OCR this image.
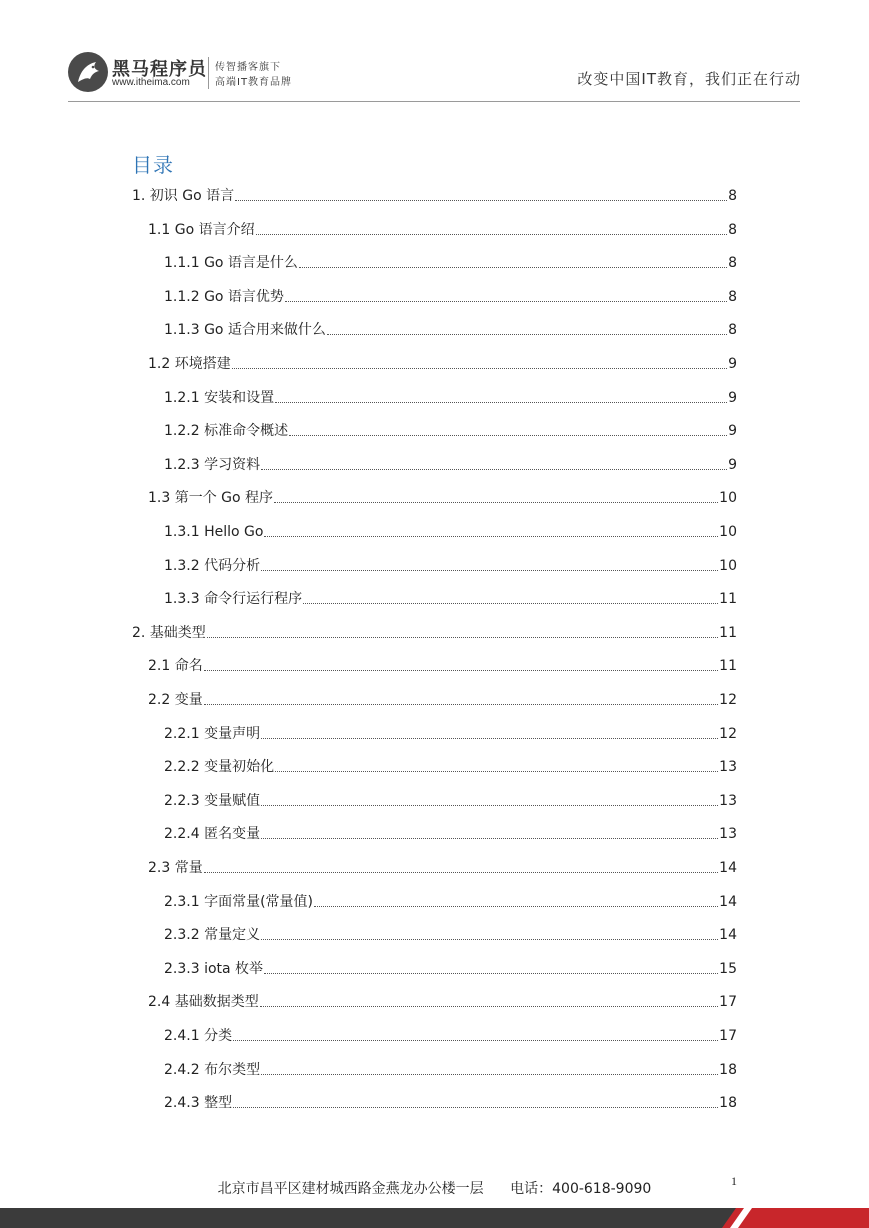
黑马程序员
www.itheima.com
传智播客旗下
高端IT教育品牌	改变中国IT教育，我们正在行动
目录
1. 初识 Go 语言	8
1.1 Go 语言介绍	8
1.1.1 Go 语言是什么	8
1.1.2 Go 语言优势	8
1.1.3 Go 适合用来做什么	8
1.2 环境搭建	9
1.2.1 安装和设置	9
1.2.2 标准命令概述	9
1.2.3 学习资料	9
1.3 第一个 Go 程序	10
1.3.1 Hello Go	10
1.3.2 代码分析	10
1.3.3 命令行运行程序	11
2. 基础类型	11
2.1 命名	11
2.2 变量	12
2.2.1 变量声明	12
2.2.2 变量初始化	13
2.2.3 变量赋值	13
2.2.4 匿名变量	13
2.3 常量	14
2.3.1 字面常量(常量值)	14
2.3.2 常量定义	14
2.3.3 iota 枚举	15
2.4 基础数据类型	17
2.4.1 分类	17
2.4.2 布尔类型	18
2.4.3 整型	18
北京市昌平区建材城西路金燕龙办公楼一层 电话：400-618-9090	1
